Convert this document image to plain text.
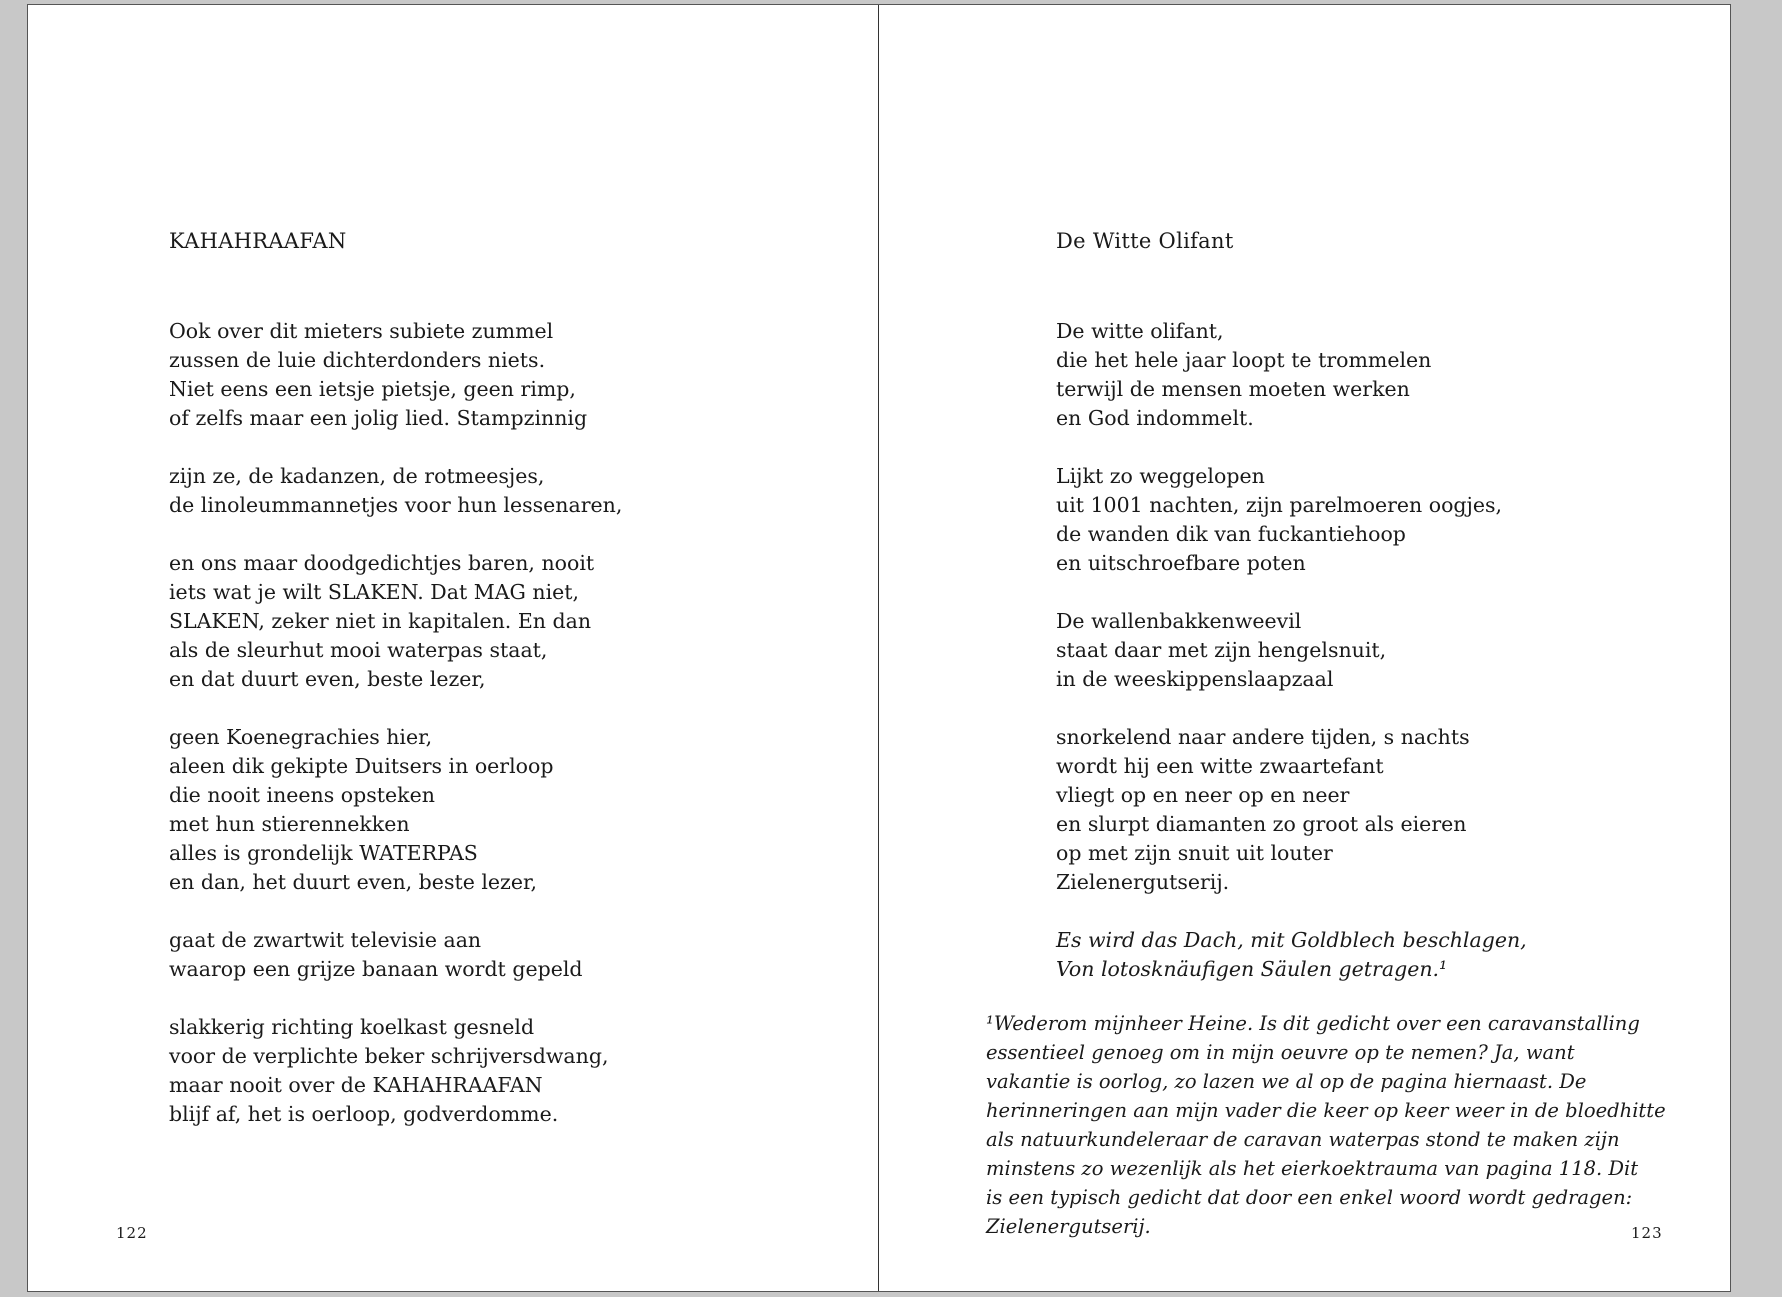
KAHAHRAAFAN
Ook over dit mieters subiete zummel
zussen de luie dichterdonders niets.
Niet eens een ietsje pietsje, geen rimp,
of zelfs maar een jolig lied. Stampzinnig
zijn ze, de kadanzen, de rotmeesjes,
de linoleummannetjes voor hun lessenaren,
en ons maar doodgedichtjes baren, nooit
iets wat je wilt SLAKEN. Dat MAG niet,
SLAKEN, zeker niet in kapitalen. En dan
als de sleurhut mooi waterpas staat,
en dat duurt even, beste lezer,
geen Koenegrachies hier,
aleen dik gekipte Duitsers in oerloop
die nooit ineens opsteken
met hun stierennekken
alles is grondelijk WATERPAS
en dan, het duurt even, beste lezer,
gaat de zwartwit televisie aan
waarop een grijze banaan wordt gepeld
slakkerig richting koelkast gesneld
voor de verplichte beker schrijversdwang,
maar nooit over de KAHAHRAAFAN
blijf af, het is oerloop, godverdomme.
122
De Witte Olifant
De witte olifant,
die het hele jaar loopt te trommelen
terwijl de mensen moeten werken
en God indommelt.
Lijkt zo weggelopen
uit 1001 nachten, zijn parelmoeren oogjes,
de wanden dik van fuckantiehoop
en uitschroefbare poten
De wallenbakkenweevil
staat daar met zijn hengelsnuit,
in de weeskippenslaapzaal
snorkelend naar andere tijden, s nachts
wordt hij een witte zwaartefant
vliegt op en neer op en neer
en slurpt diamanten zo groot als eieren
op met zijn snuit uit louter
Zielenergutserij.
Es wird das Dach, mit Goldblech beschlagen,
Von lotosknäufigen Säulen getragen.¹
¹Wederom mijnheer Heine. Is dit gedicht over een caravanstalling
essentieel genoeg om in mijn oeuvre op te nemen? Ja, want
vakantie is oorlog, zo lazen we al op de pagina hiernaast. De
herinneringen aan mijn vader die keer op keer weer in de bloedhitte
als natuurkundeleraar de caravan waterpas stond te maken zijn
minstens zo wezenlijk als het eierkoektrauma van pagina 118. Dit
is een typisch gedicht dat door een enkel woord wordt gedragen:
Zielenergutserij.	123
